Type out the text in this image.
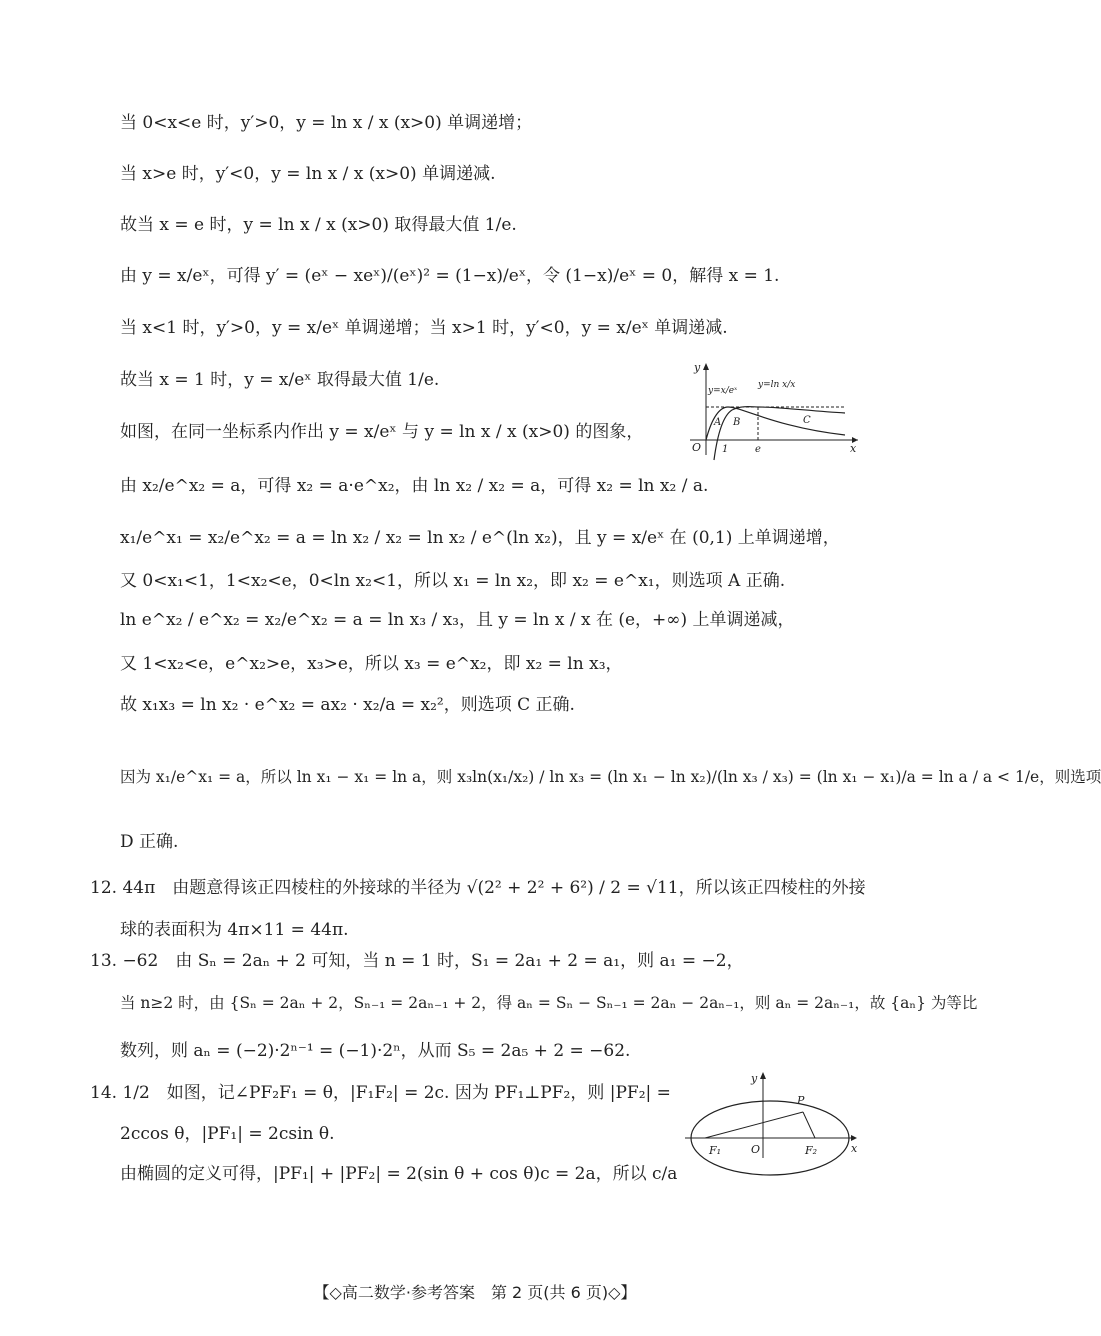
当 0<x<e 时，y′>0，y = ln x / x (x>0) 单调递增；
当 x>e 时，y′<0，y = ln x / x (x>0) 单调递减.
故当 x = e 时，y = ln x / x (x>0) 取得最大值 1/e.
由 y = x/eˣ，可得 y′ = (eˣ − xeˣ)/(eˣ)² = (1−x)/eˣ，令 (1−x)/eˣ = 0，解得 x = 1.
当 x<1 时，y′>0，y = x/eˣ 单调递增；当 x>1 时，y′<0，y = x/eˣ 单调递减.
故当 x = 1 时，y = x/eˣ 取得最大值 1/e.
如图，在同一坐标系内作出 y = x/eˣ 与 y = ln x / x (x>0) 的图象，
由 x₂/e^x₂ = a，可得 x₂ = a·e^x₂，由 ln x₂ / x₂ = a，可得 x₂ = ln x₂ / a.
x₁/e^x₁ = x₂/e^x₂ = a = ln x₂ / x₂ = ln x₂ / e^(ln x₂)，且 y = x/eˣ 在 (0,1) 上单调递增，
又 0<x₁<1，1<x₂<e，0<ln x₂<1，所以 x₁ = ln x₂，即 x₂ = e^x₁，则选项 A 正确.
ln e^x₂ / e^x₂ = x₂/e^x₂ = a = ln x₃ / x₃，且 y = ln x / x 在 (e，+∞) 上单调递减，
又 1<x₂<e，e^x₂>e，x₃>e，所以 x₃ = e^x₂，即 x₂ = ln x₃，
故 x₁x₃ = ln x₂ · e^x₂ = ax₂ · x₂/a = x₂²，则选项 C 正确.
因为 x₁/e^x₁ = a，所以 ln x₁ − x₁ = ln a，则 x₃ln(x₁/x₂) / ln x₃ = (ln x₁ − ln x₂)/(ln x₃ / x₃) = (ln x₁ − x₁)/a = ln a / a < 1/e，则选项
D 正确.
12. 44π　由题意得该正四棱柱的外接球的半径为 √(2² + 2² + 6²) / 2 = √11，所以该正四棱柱的外接
球的表面积为 4π×11 = 44π.
13. −62　由 Sₙ = 2aₙ + 2 可知，当 n = 1 时，S₁ = 2a₁ + 2 = a₁，则 a₁ = −2，
当 n≥2 时，由 {Sₙ = 2aₙ + 2，Sₙ₋₁ = 2aₙ₋₁ + 2，得 aₙ = Sₙ − Sₙ₋₁ = 2aₙ − 2aₙ₋₁，则 aₙ = 2aₙ₋₁，故 {aₙ} 为等比
数列，则 aₙ = (−2)·2ⁿ⁻¹ = (−1)·2ⁿ，从而 S₅ = 2a₅ + 2 = −62.
14. 1/2　如图，记∠PF₂F₁ = θ，|F₁F₂| = 2c. 因为 PF₁⊥PF₂，则 |PF₂| =
2ccos θ，|PF₁| = 2csin θ.
由椭圆的定义可得，|PF₁| + |PF₂| = 2(sin θ + cos θ)c = 2a，所以 c/a
y
x
O 1	e
y=x/eˣ
y=ln x/x
A B	C
y
x
O
P
F₁	F₂
【◇高二数学·参考答案　第 2 页(共 6 页)◇】
